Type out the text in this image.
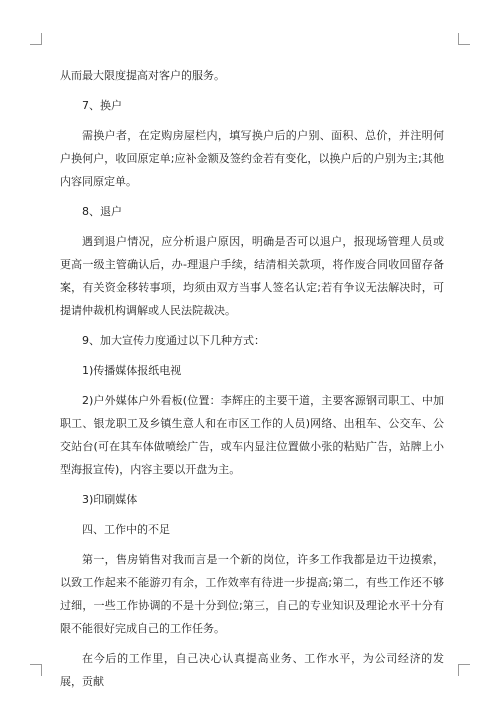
从而最大限度提高对客户的服务。

7、换户

需换户者，在定购房屋栏内，填写换户后的户别、面积、总价，并注明何户换何户，收回原定单;应补金额及签约金若有变化，以换户后的户别为主;其他内容同原定单。

8、退户

遇到退户情况，应分析退户原因，明确是否可以退户，报现场管理人员或更高一级主管确认后，办-理退户手续，结清相关款项，将作废合同收回留存备案，有关资金移转事项，均须由双方当事人签名认定;若有争议无法解决时，可提请仲裁机构调解或人民法院裁决。

9、加大宣传力度通过以下几种方式：

1)传播媒体报纸电视

2)户外媒体户外看板(位置：李辉庄的主要干道，主要客源钢司职工、中加职工、银龙职工及乡镇生意人和在市区工作的人员)网络、出租车、公交车、公交站台(可在其车体做喷绘广告，或车内显注位置做小张的粘贴广告，站牌上小型海报宣传)，内容主要以开盘为主。

3)印刷媒体

四、工作中的不足

第一，售房销售对我而言是一个新的岗位，许多工作我都是边干边摸索，以致工作起来不能游刃有余，工作效率有待进一步提高;第二，有些工作还不够过细，一些工作协调的不是十分到位;第三，自己的专业知识及理论水平十分有限不能很好完成自己的工作任务。

在今后的工作里，自己决心认真提高业务、工作水平，为公司经济的发展，贡献
